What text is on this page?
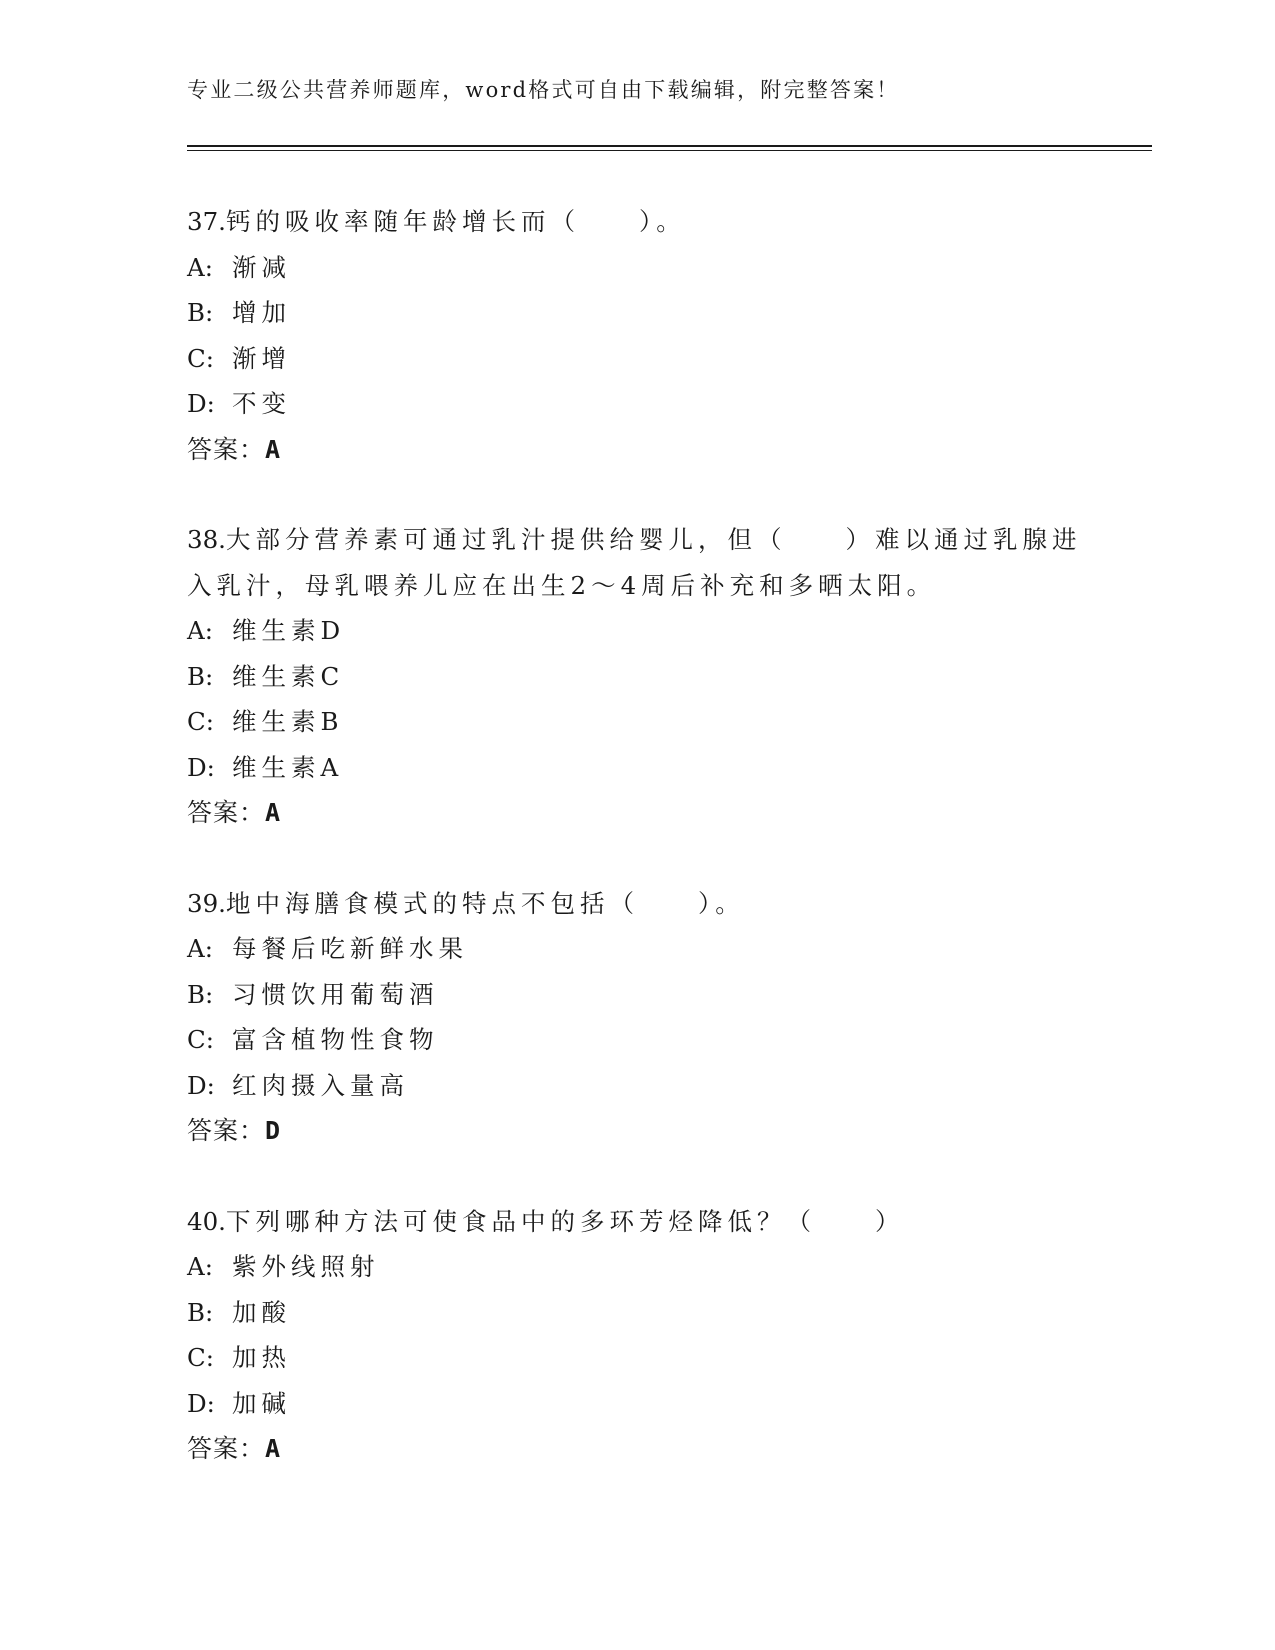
专业二级公共营养师题库，word格式可自由下载编辑，附完整答案！
37.钙的吸收率随年龄增长而（　　）。
A: 渐减
B: 增加
C: 渐增
D: 不变
答案：A
38.大部分营养素可通过乳汁提供给婴儿，但（　　）难以通过乳腺进入乳汁，母乳喂养儿应在出生2～4周后补充和多晒太阳。
A: 维生素D
B: 维生素C
C: 维生素B
D: 维生素A
答案：A
39.地中海膳食模式的特点不包括（　　）。
A: 每餐后吃新鲜水果
B: 习惯饮用葡萄酒
C: 富含植物性食物
D: 红肉摄入量高
答案：D
40.下列哪种方法可使食品中的多环芳烃降低？（　　）
A: 紫外线照射
B: 加酸
C: 加热
D: 加碱
答案：A
